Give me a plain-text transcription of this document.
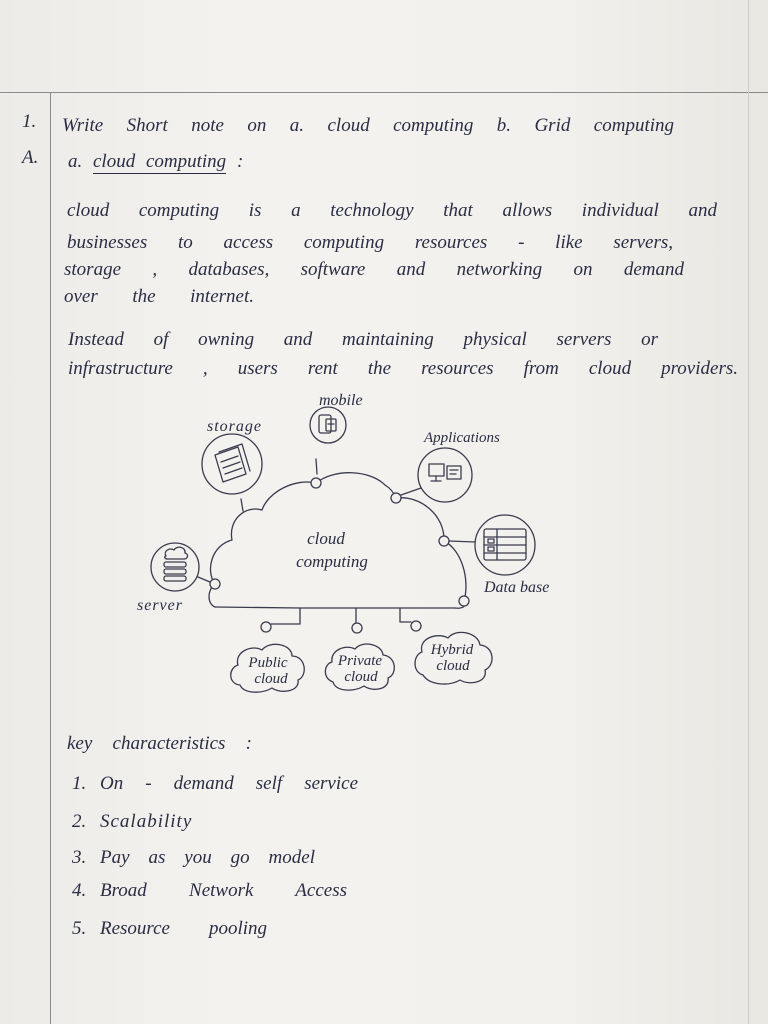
1.
A.
Write Short note on a. cloud computing b. Grid computing
a. cloud computing :
cloud computing is a technology that allows individual and
businesses to access computing resources - like servers,
storage , databases, software and networking on demand
over the internet.
Instead of owning and maintaining physical servers or
infrastructure , users rent the resources from cloud providers.
mobile
storage
Applications
Data base
server
cloud
computing
Public
cloud
Private
cloud
Hybrid
cloud
key characteristics :
1. On - demand self service
2. Scalability
3. Pay as you go model
4. Broad Network Access
5. Resource pooling
